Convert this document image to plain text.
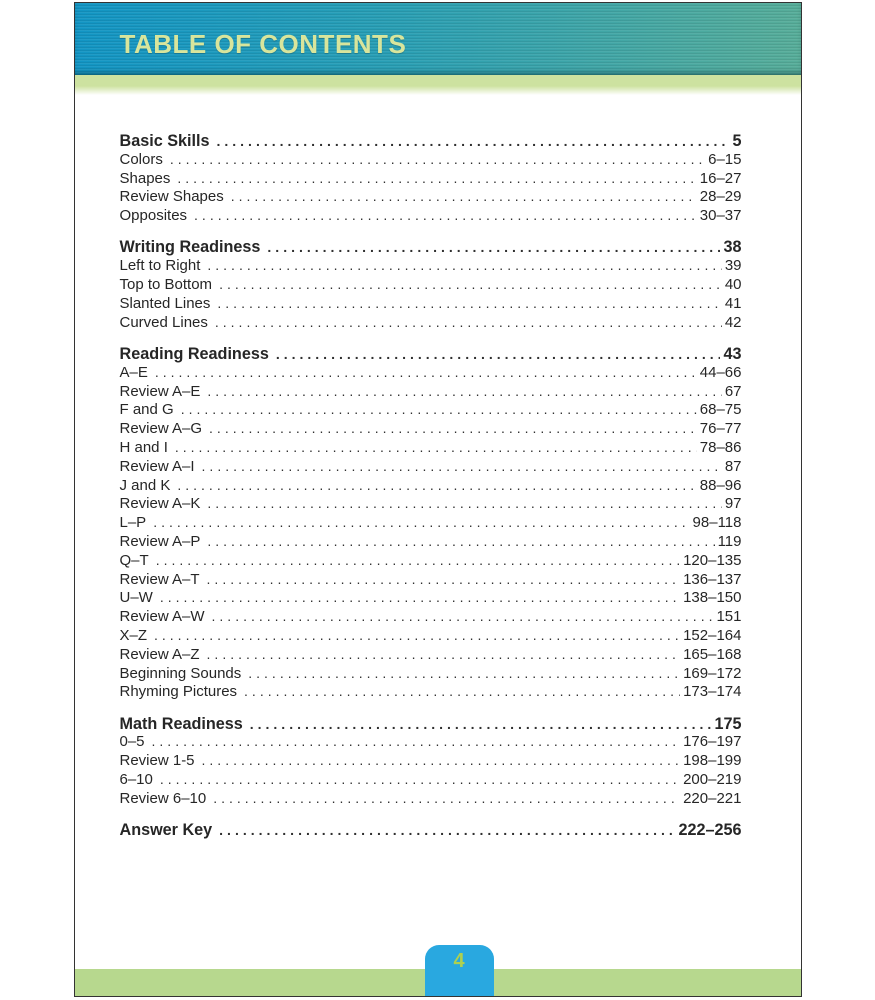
TABLE OF CONTENTS
Basic Skills .....	5
Colors .....	6–15
Shapes .....	16–27
Review Shapes .....	28–29
Opposites .....	30–37
Writing Readiness .....	38
Left to Right .....	39
Top to Bottom .....	40
Slanted Lines .....	41
Curved Lines .....	42
Reading Readiness .....	43
A–E .....	44–66
Review A–E .....	67
F and G .....	68–75
Review A–G .....	76–77
H and I .....	78–86
Review A–I .....	87
J and K .....	88–96
Review A–K .....	97
L–P .....	98–118
Review A–P .....	119
Q–T .....	120–135
Review A–T .....	136–137
U–W .....	138–150
Review A–W .....	151
X–Z .....	152–164
Review A–Z .....	165–168
Beginning Sounds .....	169–172
Rhyming Pictures .....	173–174
Math Readiness .....	175
0–5 .....	176–197
Review 1-5 .....	198–199
6–10 .....	200–219
Review 6–10 .....	220–221
Answer Key .....	222–256
4
